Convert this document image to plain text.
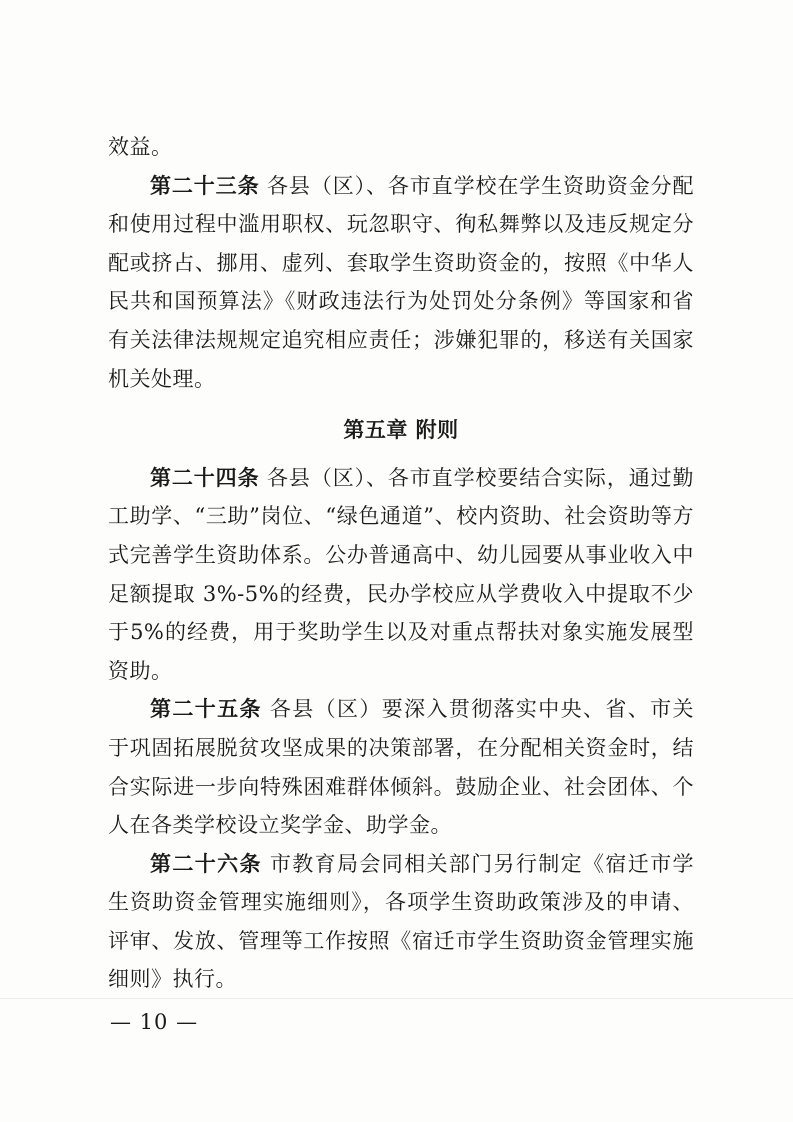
效益。

第二十三条 各县（区）、各市直学校在学生资助资金分配和使用过程中滥用职权、玩忽职守、徇私舞弊以及违反规定分配或挤占、挪用、虚列、套取学生资助资金的，按照《中华人民共和国预算法》《财政违法行为处罚处分条例》等国家和省有关法律法规规定追究相应责任；涉嫌犯罪的，移送有关国家机关处理。

第五章 附则

第二十四条 各县（区）、各市直学校要结合实际，通过勤工助学、“三助”岗位、“绿色通道”、校内资助、社会资助等方式完善学生资助体系。公办普通高中、幼儿园要从事业收入中足额提取 3%-5%的经费，民办学校应从学费收入中提取不少于5%的经费，用于奖助学生以及对重点帮扶对象实施发展型资助。

第二十五条 各县（区）要深入贯彻落实中央、省、市关于巩固拓展脱贫攻坚成果的决策部署，在分配相关资金时，结合实际进一步向特殊困难群体倾斜。鼓励企业、社会团体、个人在各类学校设立奖学金、助学金。

第二十六条 市教育局会同相关部门另行制定《宿迁市学生资助资金管理实施细则》，各项学生资助政策涉及的申请、评审、发放、管理等工作按照《宿迁市学生资助资金管理实施细则》执行。

— 10 —
